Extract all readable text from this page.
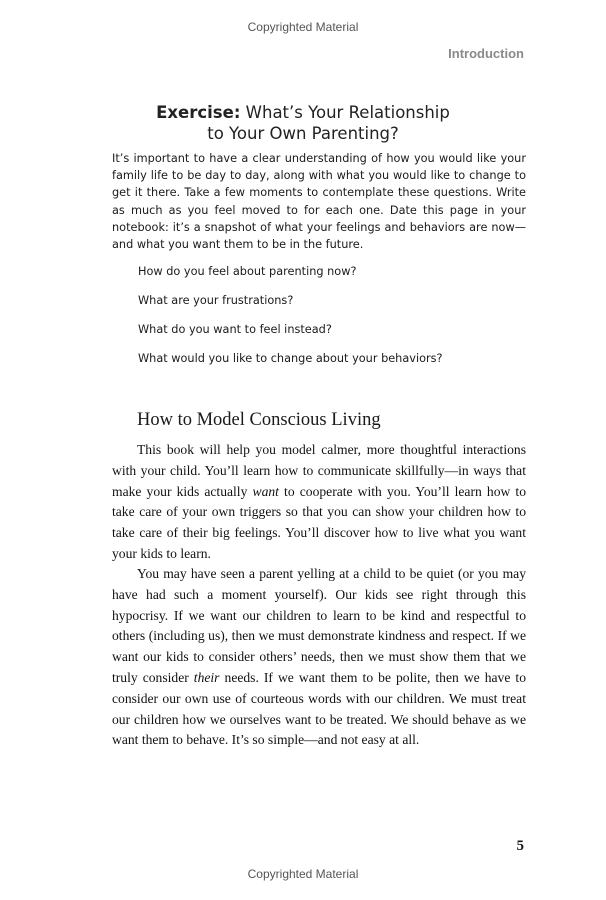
Copyrighted Material
Introduction
Exercise: What’s Your Relationship
to Your Own Parenting?
It’s important to have a clear understanding of how you would like your family life to be day to day, along with what you would like to change to get it there. Take a few moments to contemplate these questions. Write as much as you feel moved to for each one. Date this page in your notebook: it’s a snapshot of what your feelings and behaviors are now—and what you want them to be in the future.
How do you feel about parenting now?
What are your frustrations?
What do you want to feel instead?
What would you like to change about your behaviors?
How to Model Conscious Living
This book will help you model calmer, more thoughtful interactions with your child. You’ll learn how to communicate skillfully—in ways that make your kids actually want to cooperate with you. You’ll learn how to take care of your own triggers so that you can show your children how to take care of their big feelings. You’ll discover how to live what you want your kids to learn.
You may have seen a parent yelling at a child to be quiet (or you may have had such a moment yourself). Our kids see right through this hypocrisy. If we want our children to learn to be kind and respectful to others (including us), then we must demonstrate kindness and respect. If we want our kids to consider others’ needs, then we must show them that we truly consider their needs. If we want them to be polite, then we have to consider our own use of courteous words with our children. We must treat our children how we ourselves want to be treated. We should behave as we want them to behave. It’s so simple—and not easy at all.
5
Copyrighted Material
